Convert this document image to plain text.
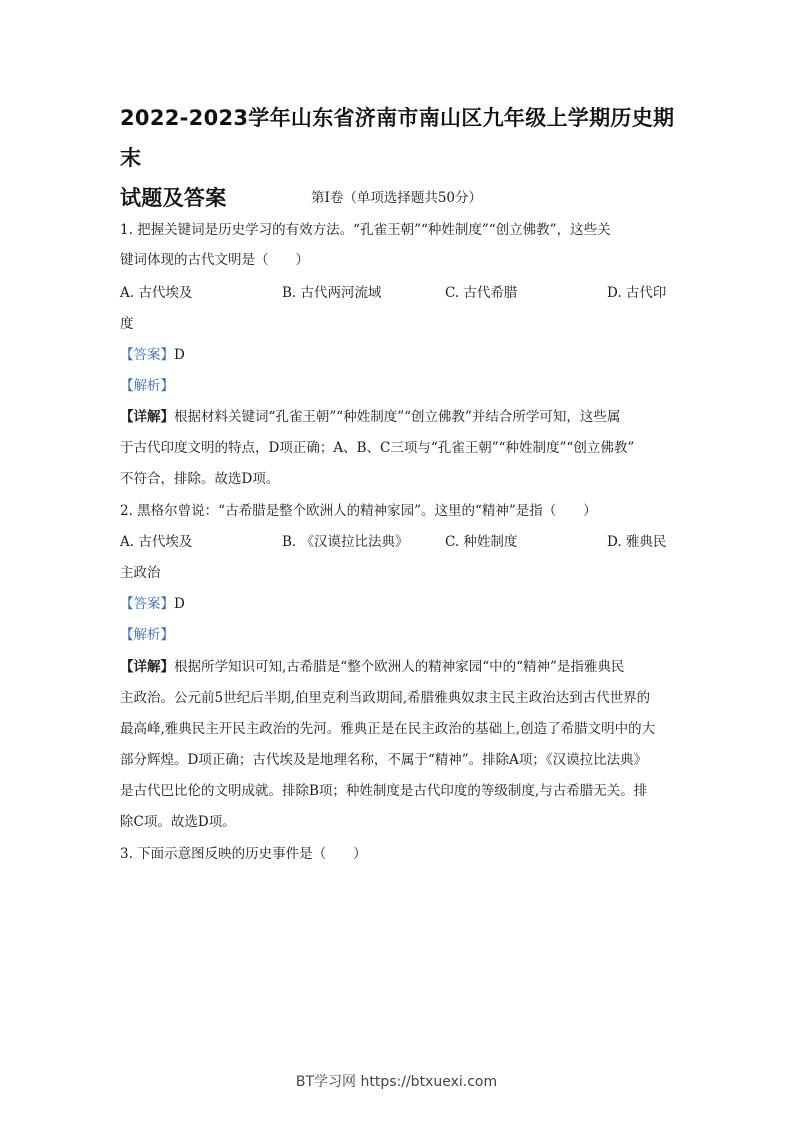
2022-2023学年山东省济南市南山区九年级上学期历史期末
试题及答案	第Ⅰ卷（单项选择题共50分）
1. 把握关键词是历史学习的有效方法。“孔雀王朝”“种姓制度”“创立佛教”，这些关
键词体现的古代文明是（　　）
A. 古代埃及	B. 古代两河流域	C. 古代希腊	D. 古代印
度
【答案】D
【解析】
【详解】根据材料关键词“孔雀王朝”“种姓制度”“创立佛教”并结合所学可知，这些属
于古代印度文明的特点，D项正确；A、B、C三项与“孔雀王朝”“种姓制度”“创立佛教”
不符合，排除。故选D项。
2. 黑格尔曾说：“古希腊是整个欧洲人的精神家园”。这里的“精神”是指（　　）
A. 古代埃及	B. 《汉谟拉比法典》	C. 种姓制度	D. 雅典民
主政治
【答案】D
【解析】
【详解】根据所学知识可知,古希腊是“整个欧洲人的精神家园“中的“精神”是指雅典民
主政治。公元前5世纪后半期,伯里克利当政期间,希腊雅典奴隶主民主政治达到古代世界的
最高峰,雅典民主开民主政治的先河。雅典正是在民主政治的基础上,创造了希腊文明中的大
部分辉煌。D项正确；古代埃及是地理名称，不属于“精神”。排除A项；《汉谟拉比法典》
是古代巴比伦的文明成就。排除B项；种姓制度是古代印度的等级制度,与古希腊无关。排
除C项。故选D项。
3. 下面示意图反映的历史事件是（　　）
BT学习网 https://btxuexi.com
